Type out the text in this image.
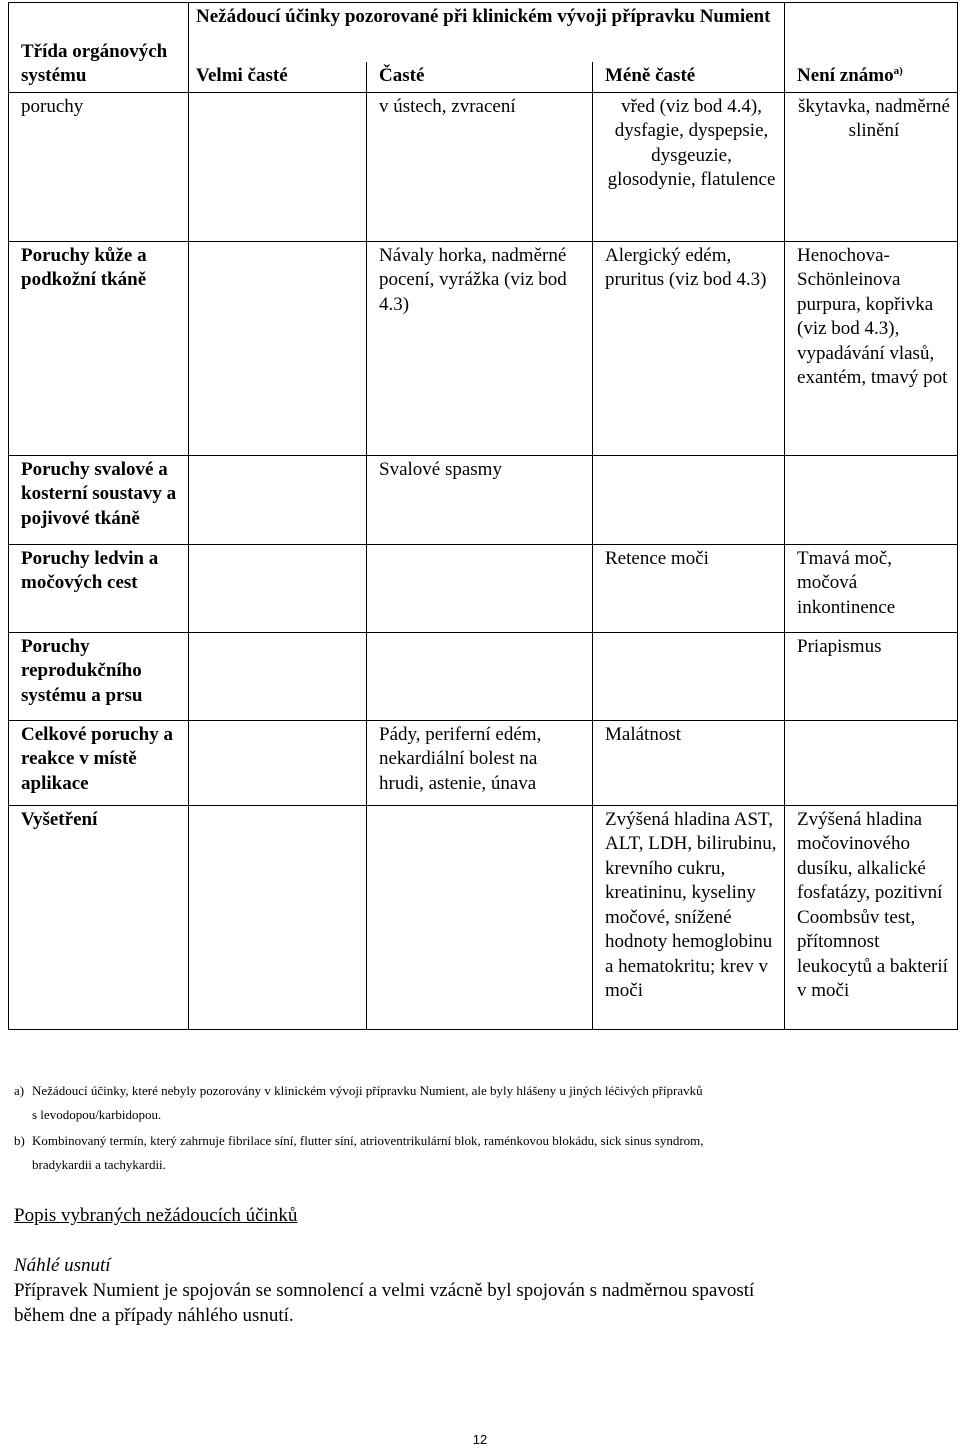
Třída orgánových systému	Nežádoucí účinky pozorované při klinickém vývoji přípravku Numient			
	Velmi časté	Časté	Méně časté	Není známo$^{a)}$
poruchy		v ústech, zvracení	vřed (viz bod 4.4), dysfagie, dyspepsie, dysgeuzie, glosodynie, flatulence	škytavka, nadměrné slinění
Poruchy kůže a podkožní tkáně		Návaly horka, nadměrné pocení, vyrážka (viz bod 4.3)	Alergický edém, pruritus (viz bod 4.3)	Henochova-Schönleinova purpura, kopřivka (viz bod 4.3), vypadávání vlasů, exantém, tmavý pot
Poruchy svalové a kosterní soustavy a pojivové tkáně		Svalové spasmy		
Poruchy ledvin a močových cest			Retence moči	Tmavá moč, močová inkontinence
Poruchy reprodukčního systému a prsu				Priapismus
Celkové poruchy a reakce v místě aplikace		Pády, periferní edém, nekardiální bolest na hrudi, astenie, únava	Malátnost	
Vyšetření			Zvýšená hladina AST, ALT, LDH, bilirubinu, krevního cukru, kreatininu, kyseliny močové, snížené hodnoty hemoglobinu a hematokritu; krev v moči	Zvýšená hladina močovinového dusíku, alkalické fosfatázy, pozitivní Coombsův test, přítomnost leukocytů a bakterií v moči
a) Nežádoucí účinky, které nebyly pozorovány v klinickém vývoji přípravku Numient, ale byly hlášeny u jiných léčivých přípravků
s levodopou/karbidopou.
b) Kombinovaný termín, který zahrnuje fibrilace síní, flutter síní, atrioventrikulární blok, raménkovou blokádu, sick sinus syndrom,
bradykardii a tachykardii.
Popis vybraných nežádoucích účinků
Náhlé usnutí
Přípravek Numient je spojován se somnolencí a velmi vzácně byl spojován s nadměrnou spavostí
během dne a případy náhlého usnutí.
12
